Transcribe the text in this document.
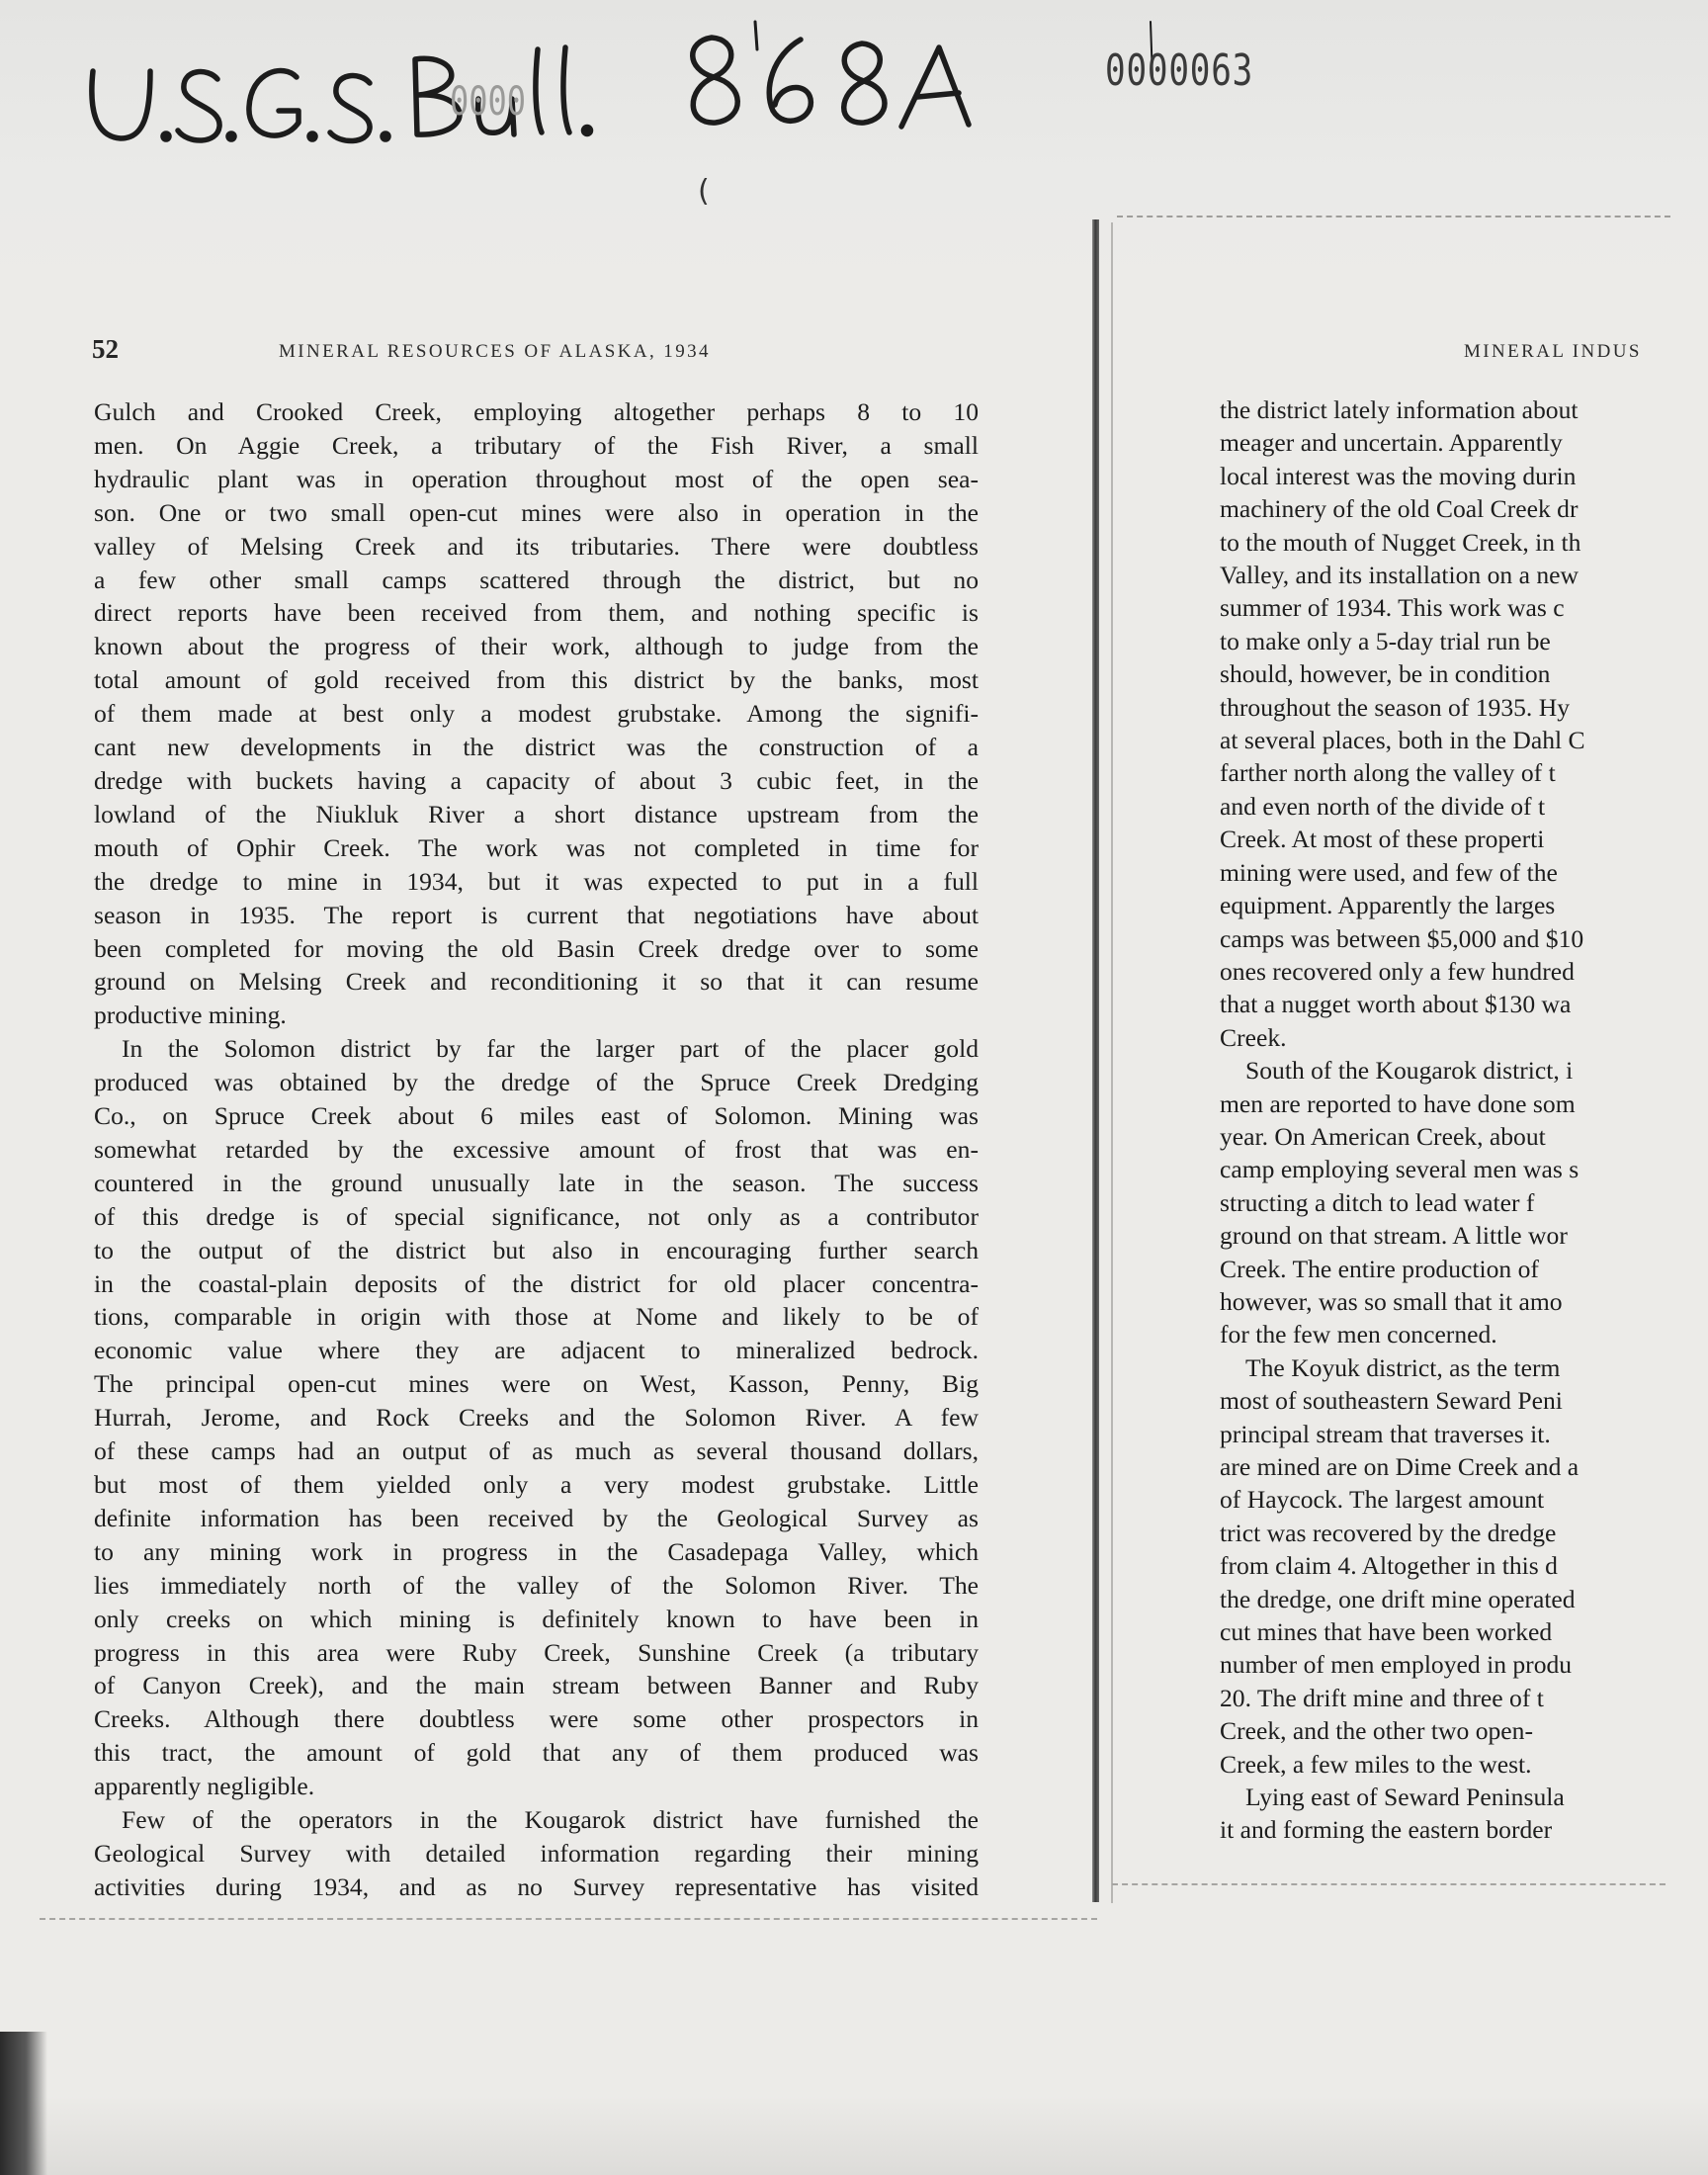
U.S.G.S. Bull. 868A
0000063
0000
(
52	MINERAL RESOURCES OF ALASKA, 1934	MINERAL INDUS
Gulch and Crooked Creek, employing altogether perhaps 8 to 10
men. On Aggie Creek, a tributary of the Fish River, a small
hydraulic plant was in operation throughout most of the open sea-
son. One or two small open-cut mines were also in operation in the
valley of Melsing Creek and its tributaries. There were doubtless
a few other small camps scattered through the district, but no
direct reports have been received from them, and nothing specific is
known about the progress of their work, although to judge from the
total amount of gold received from this district by the banks, most
of them made at best only a modest grubstake. Among the signifi-
cant new developments in the district was the construction of a
dredge with buckets having a capacity of about 3 cubic feet, in the
lowland of the Niukluk River a short distance upstream from the
mouth of Ophir Creek. The work was not completed in time for
the dredge to mine in 1934, but it was expected to put in a full
season in 1935. The report is current that negotiations have about
been completed for moving the old Basin Creek dredge over to some
ground on Melsing Creek and reconditioning it so that it can resume
productive mining.
In the Solomon district by far the larger part of the placer gold
produced was obtained by the dredge of the Spruce Creek Dredging
Co., on Spruce Creek about 6 miles east of Solomon. Mining was
somewhat retarded by the excessive amount of frost that was en-
countered in the ground unusually late in the season. The success
of this dredge is of special significance, not only as a contributor
to the output of the district but also in encouraging further search
in the coastal-plain deposits of the district for old placer concentra-
tions, comparable in origin with those at Nome and likely to be of
economic value where they are adjacent to mineralized bedrock.
The principal open-cut mines were on West, Kasson, Penny, Big
Hurrah, Jerome, and Rock Creeks and the Solomon River. A few
of these camps had an output of as much as several thousand dollars,
but most of them yielded only a very modest grubstake. Little
definite information has been received by the Geological Survey as
to any mining work in progress in the Casadepaga Valley, which
lies immediately north of the valley of the Solomon River. The
only creeks on which mining is definitely known to have been in
progress in this area were Ruby Creek, Sunshine Creek (a tributary
of Canyon Creek), and the main stream between Banner and Ruby
Creeks. Although there doubtless were some other prospectors in
this tract, the amount of gold that any of them produced was
apparently negligible.
Few of the operators in the Kougarok district have furnished the
Geological Survey with detailed information regarding their mining
activities during 1934, and as no Survey representative has visited
the district lately information about
meager and uncertain. Apparently
local interest was the moving durin
machinery of the old Coal Creek dr
to the mouth of Nugget Creek, in th
Valley, and its installation on a new
summer of 1934. This work was c
to make only a 5-day trial run be
should, however, be in condition
throughout the season of 1935. Hy
at several places, both in the Dahl C
farther north along the valley of t
and even north of the divide of t
Creek. At most of these properti
mining were used, and few of the
equipment. Apparently the larges
camps was between $5,000 and $10
ones recovered only a few hundred
that a nugget worth about $130 wa
Creek.
South of the Kougarok district, i
men are reported to have done som
year. On American Creek, about
camp employing several men was s
structing a ditch to lead water f
ground on that stream. A little wor
Creek. The entire production of
however, was so small that it amo
for the few men concerned.
The Koyuk district, as the term
most of southeastern Seward Peni
principal stream that traverses it.
are mined are on Dime Creek and a
of Haycock. The largest amount
trict was recovered by the dredge
from claim 4. Altogether in this d
the dredge, one drift mine operated
cut mines that have been worked
number of men employed in produ
20. The drift mine and three of t
Creek, and the other two open-
Creek, a few miles to the west.
Lying east of Seward Peninsula
it and forming the eastern border
